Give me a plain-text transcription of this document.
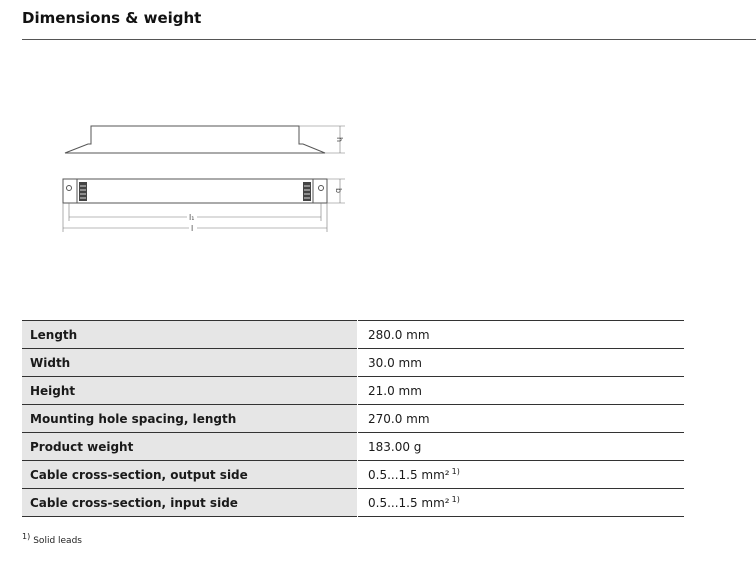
Dimensions & weight
h
b
l₁
l
Length	280.0 mm
Width	30.0 mm
Height	21.0 mm
Mounting hole spacing, length	270.0 mm
Product weight	183.00 g
Cable cross-section, output side	0.5...1.5 mm² $^{1)}$
Cable cross-section, input side	0.5...1.5 mm² $^{1)}$
$^{1)}$ Solid leads
